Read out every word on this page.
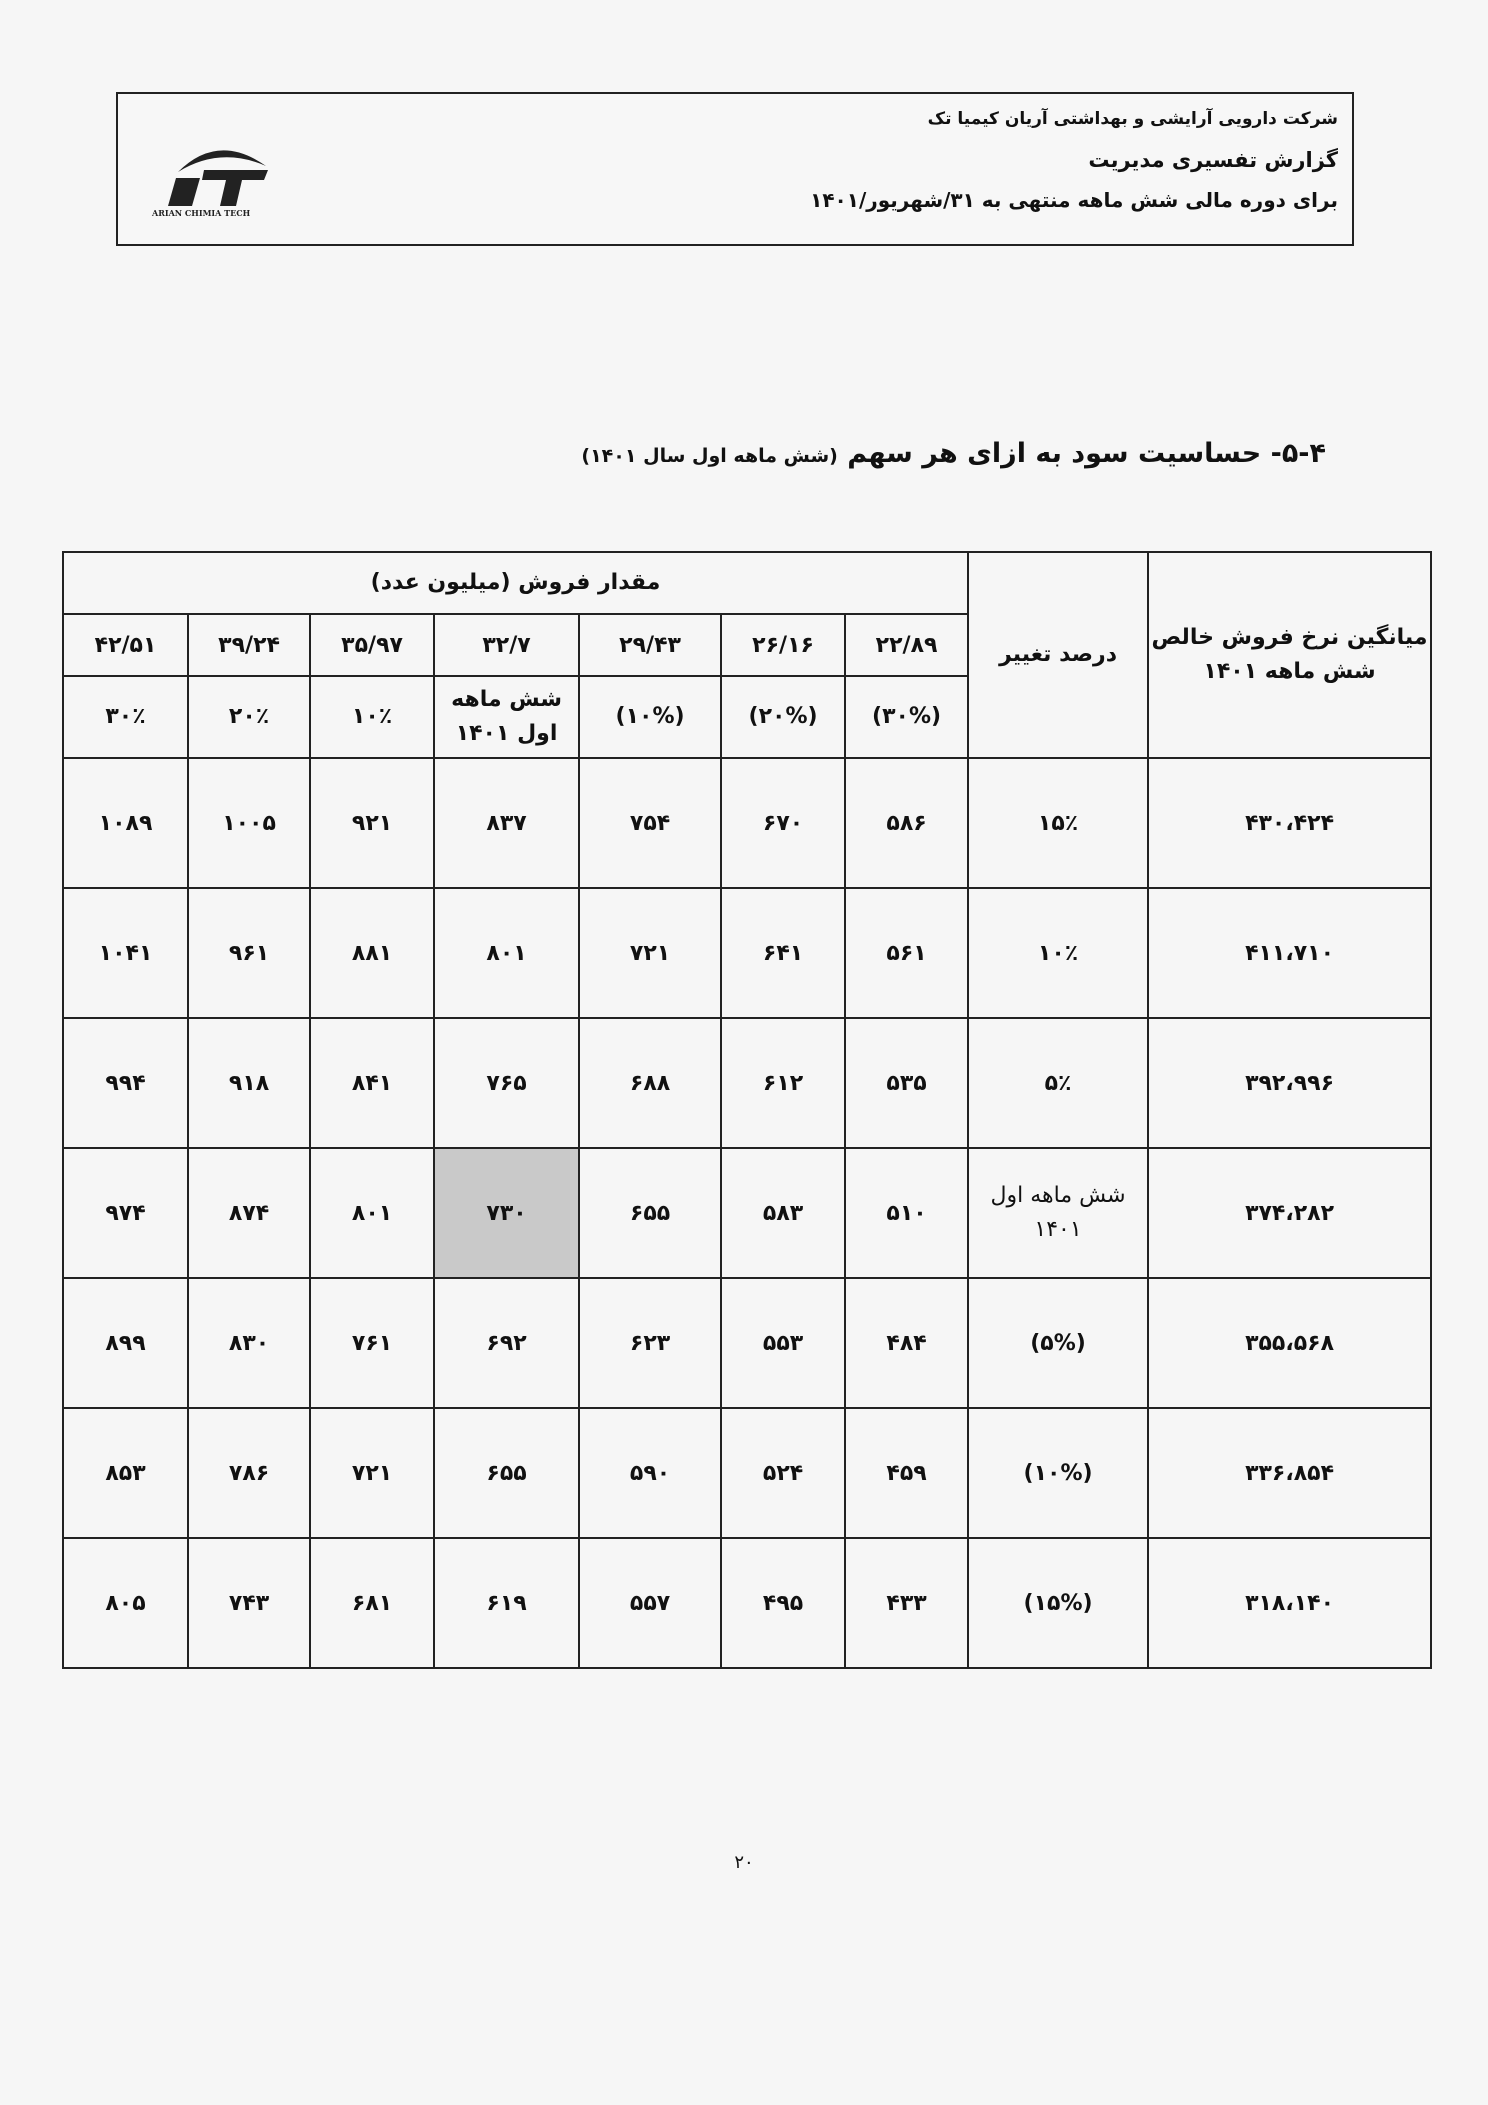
شرکت دارویی آرایشی و بهداشتی آریان کیمیا تک
گزارش تفسیری مدیریت
برای دوره مالی شش ماهه منتهی به ۳۱/شهریور/۱۴۰۱
ARIAN CHIMIA TECH
۵-۴- حساسیت سود به ازای هر سهم (شش ماهه اول سال ۱۴۰۱)
میانگین نرخ فروش خالص شش ماهه ۱۴۰۱	درصد تغییر	مقدار فروش (میلیون عدد)						
		۲۲/۸۹	۲۶/۱۶	۲۹/۴۳	۳۲/۷	۳۵/۹۷	۳۹/۲۴	۴۲/۵۱
		(۳۰%)	(۲۰%)	(۱۰%)	شش ماهه اول ۱۴۰۱	۱۰٪	۲۰٪	۳۰٪
۴۳۰،۴۲۴	۱۵٪	۵۸۶	۶۷۰	۷۵۴	۸۳۷	۹۲۱	۱۰۰۵	۱۰۸۹
۴۱۱،۷۱۰	۱۰٪	۵۶۱	۶۴۱	۷۲۱	۸۰۱	۸۸۱	۹۶۱	۱۰۴۱
۳۹۲،۹۹۶	۵٪	۵۳۵	۶۱۲	۶۸۸	۷۶۵	۸۴۱	۹۱۸	۹۹۴
۳۷۴،۲۸۲	شش ماهه اول ۱۴۰۱	۵۱۰	۵۸۳	۶۵۵	۷۳۰	۸۰۱	۸۷۴	۹۷۴
۳۵۵،۵۶۸	(۵%)	۴۸۴	۵۵۳	۶۲۳	۶۹۲	۷۶۱	۸۳۰	۸۹۹
۳۳۶،۸۵۴	(۱۰%)	۴۵۹	۵۲۴	۵۹۰	۶۵۵	۷۲۱	۷۸۶	۸۵۳
۳۱۸،۱۴۰	(۱۵%)	۴۳۳	۴۹۵	۵۵۷	۶۱۹	۶۸۱	۷۴۳	۸۰۵
۲۰
